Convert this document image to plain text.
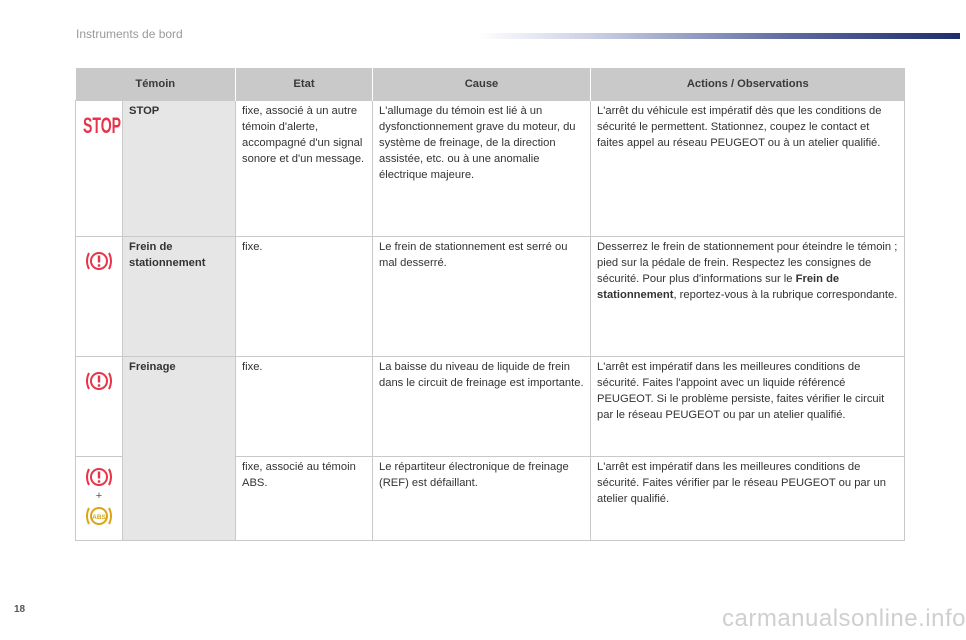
Instruments de bord
Témoin		Etat	Cause	Actions / Observations

STOP	STOP	fixe, associé à un autre témoin d'alerte, accompagné d'un signal sonore et d'un message.	L'allumage du témoin est lié à un dysfonctionnement grave du moteur, du système de freinage, de la direction assistée, etc. ou à une anomalie électrique majeure.	L'arrêt du véhicule est impératif dès que les conditions de sécurité le permettent. Stationnez, coupez le contact et faites appel au réseau PEUGEOT ou à un atelier qualifié.

	Frein de stationnement	fixe.	Le frein de stationnement est serré ou mal desserré.	Desserrez le frein de stationnement pour éteindre le témoin ; pied sur la pédale de frein. Respectez les consignes de sécurité. Pour plus d'informations sur le Frein de stationnement, reportez-vous à la rubrique correspondante.

	Freinage	fixe.	La baisse du niveau de liquide de frein dans le circuit de freinage est importante.	L'arrêt est impératif dans les meilleures conditions de sécurité. Faites l'appoint avec un liquide référencé PEUGEOT. Si le problème persiste, faites vérifier le circuit par le réseau PEUGEOT ou par un atelier qualifié.

+
ABS		fixe, associé au témoin ABS.	Le répartiteur électronique de freinage (REF) est défaillant.	L'arrêt est impératif dans les meilleures conditions de sécurité. Faites vérifier par le réseau PEUGEOT ou par un atelier qualifié.
18	carmanualsonline.info
